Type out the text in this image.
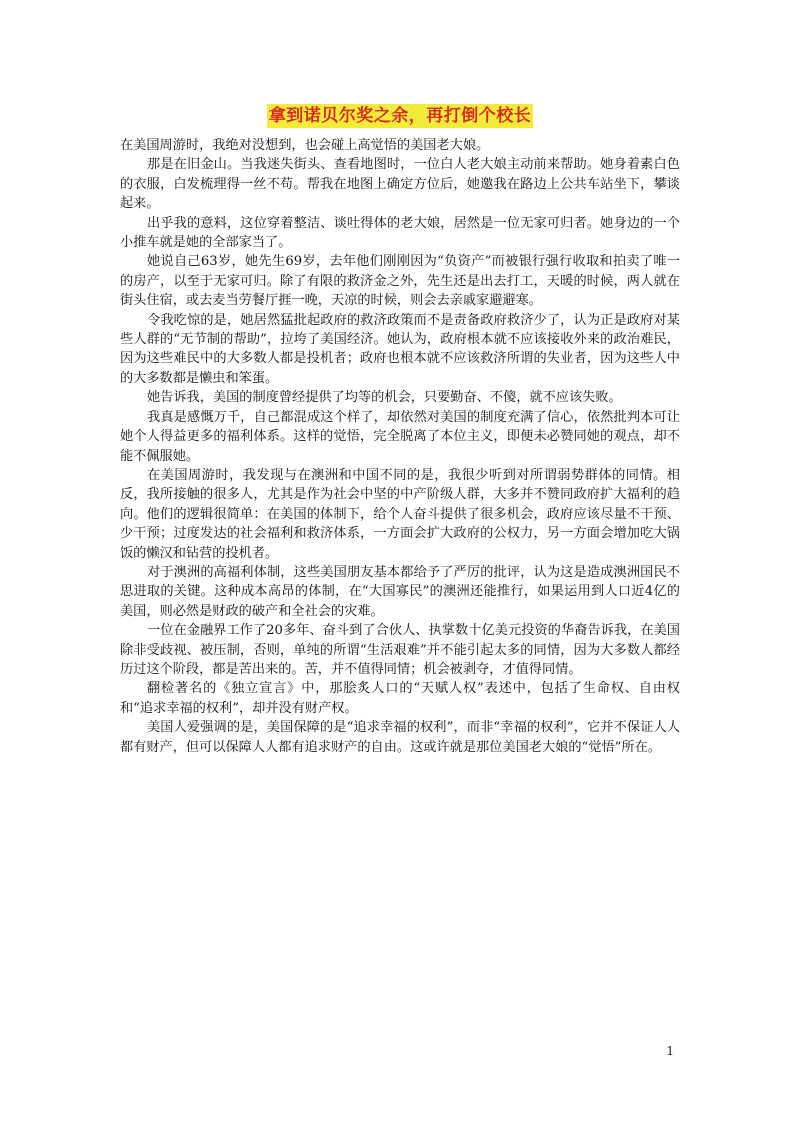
拿到诺贝尔奖之余，再打倒个校长

在美国周游时，我绝对没想到，也会碰上高觉悟的美国老大娘。

那是在旧金山。当我迷失街头、查看地图时，一位白人老大娘主动前来帮助。她身着素白色的衣服，白发梳理得一丝不苟。帮我在地图上确定方位后，她邀我在路边上公共车站坐下，攀谈起来。

出乎我的意料，这位穿着整洁、谈吐得体的老大娘，居然是一位无家可归者。她身边的一个小推车就是她的全部家当了。

她说自己63岁，她先生69岁，去年他们刚刚因为“负资产”而被银行强行收取和拍卖了唯一的房产，以至于无家可归。除了有限的救济金之外，先生还是出去打工，天暖的时候，两人就在街头住宿，或去麦当劳餐厅捱一晚，天凉的时候，则会去亲戚家避避寒。

令我吃惊的是，她居然猛批起政府的救济政策而不是责备政府救济少了，认为正是政府对某些人群的“无节制的帮助”，拉垮了美国经济。她认为，政府根本就不应该接收外来的政治难民，因为这些难民中的大多数人都是投机者；政府也根本就不应该救济所谓的失业者，因为这些人中的大多数都是懒虫和笨蛋。

她告诉我，美国的制度曾经提供了均等的机会，只要勤奋、不傻，就不应该失败。

我真是感慨万千，自己都混成这个样了，却依然对美国的制度充满了信心，依然批判本可让她个人得益更多的福利体系。这样的觉悟，完全脱离了本位主义，即便未必赞同她的观点，却不能不佩服她。

在美国周游时，我发现与在澳洲和中国不同的是，我很少听到对所谓弱势群体的同情。相反，我所接触的很多人，尤其是作为社会中坚的中产阶级人群，大多并不赞同政府扩大福利的趋向。他们的逻辑很简单：在美国的体制下，给个人奋斗提供了很多机会，政府应该尽量不干预、少干预；过度发达的社会福利和救济体系，一方面会扩大政府的公权力，另一方面会增加吃大锅饭的懒汉和钻营的投机者。

对于澳洲的高福利体制，这些美国朋友基本都给予了严厉的批评，认为这是造成澳洲国民不思进取的关键。这种成本高昂的体制，在“大国寡民”的澳洲还能推行，如果运用到人口近4亿的美国，则必然是财政的破产和全社会的灾难。

一位在金融界工作了20多年、奋斗到了合伙人、执掌数十亿美元投资的华裔告诉我，在美国除非受歧视、被压制，否则，单纯的所谓“生活艰难”并不能引起太多的同情，因为大多数人都经历过这个阶段，都是苦出来的。苦，并不值得同情；机会被剥夺，才值得同情。

翻检著名的《独立宣言》中，那脍炙人口的“天赋人权”表述中，包括了生命权、自由权和“追求幸福的权利”，却并没有财产权。

美国人爱强调的是，美国保障的是“追求幸福的权利”，而非“幸福的权利”，它并不保证人人都有财产，但可以保障人人都有追求财产的自由。这或许就是那位美国老大娘的“觉悟”所在。

1
